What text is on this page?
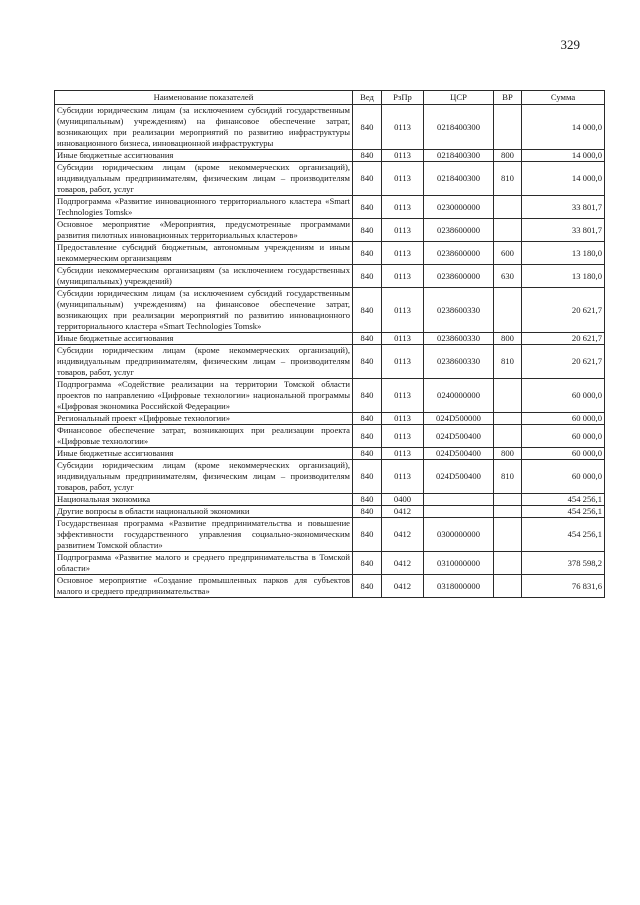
329
Наименование показателей	Вед	РзПр	ЦСР	ВР	Сумма
Субсидии юридическим лицам (за исключением субсидий государственным (муниципальным) учреждениям) на финансовое обеспечение затрат, возникающих при реализации мероприятий по развитию инфраструктуры инновационного бизнеса, инновационной инфраструктуры	840	0113	0218400300		14 000,0
Иные бюджетные ассигнования	840	0113	0218400300	800	14 000,0
Субсидии юридическим лицам (кроме некоммерческих организаций), индивидуальным предпринимателям, физическим лицам – производителям товаров, работ, услуг	840	0113	0218400300	810	14 000,0
Подпрограмма «Развитие инновационного территориального кластера «Smart Technologies Tomsk»	840	0113	0230000000		33 801,7
Основное мероприятие «Мероприятия, предусмотренные программами развития пилотных инновационных территориальных кластеров»	840	0113	0238600000		33 801,7
Предоставление субсидий бюджетным, автономным учреждениям и иным некоммерческим организациям	840	0113	0238600000	600	13 180,0
Субсидии некоммерческим организациям (за исключением государственных (муниципальных) учреждений)	840	0113	0238600000	630	13 180,0
Субсидии юридическим лицам (за исключением субсидий государственным (муниципальным) учреждениям) на финансовое обеспечение затрат, возникающих при реализации мероприятий по развитию инновационного территориального кластера «Smart Technologies Tomsk»	840	0113	0238600330		20 621,7
Иные бюджетные ассигнования	840	0113	0238600330	800	20 621,7
Субсидии юридическим лицам (кроме некоммерческих организаций), индивидуальным предпринимателям, физическим лицам – производителям товаров, работ, услуг	840	0113	0238600330	810	20 621,7
Подпрограмма «Содействие реализации на территории Томской области проектов по направлению «Цифровые технологии» национальной программы «Цифровая экономика Российской Федерации»	840	0113	0240000000		60 000,0
Региональный проект «Цифровые технологии»	840	0113	024D500000		60 000,0
Финансовое обеспечение затрат, возникающих при реализации проекта «Цифровые технологии»	840	0113	024D500400		60 000,0
Иные бюджетные ассигнования	840	0113	024D500400	800	60 000,0
Субсидии юридическим лицам (кроме некоммерческих организаций), индивидуальным предпринимателям, физическим лицам – производителям товаров, работ, услуг	840	0113	024D500400	810	60 000,0
Национальная экономика	840	0400			454 256,1
Другие вопросы в области национальной экономики	840	0412			454 256,1
Государственная программа «Развитие предпринимательства и повышение эффективности государственного управления социально-экономическим развитием Томской области»	840	0412	0300000000		454 256,1
Подпрограмма «Развитие малого и среднего предпринимательства в Томской области»	840	0412	0310000000		378 598,2
Основное мероприятие «Создание промышленных парков для субъектов малого и среднего предпринимательства»	840	0412	0318000000		76 831,6
